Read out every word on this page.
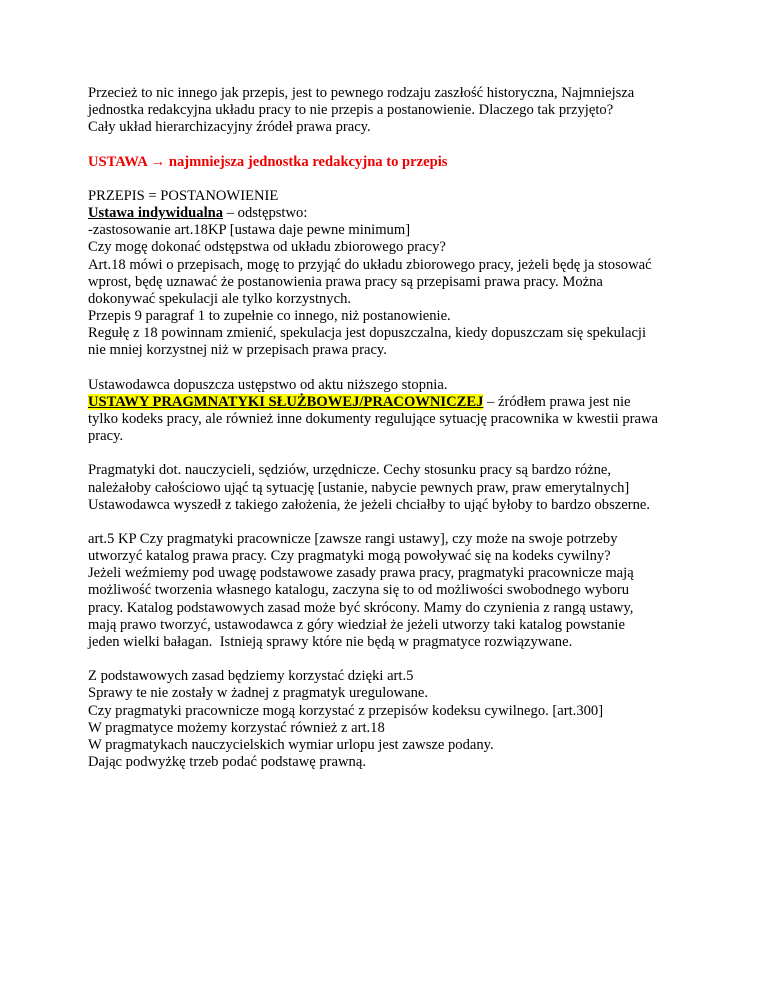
Przecież to nic innego jak przepis, jest to pewnego rodzaju zaszłość historyczna, Najmniejsza
jednostka redakcyjna układu pracy to nie przepis a postanowienie. Dlaczego tak przyjęto?
Cały układ hierarchizacyjny źródeł prawa pracy.
USTAWA → najmniejsza jednostka redakcyjna to przepis
PRZEPIS = POSTANOWIENIE
Ustawa indywidualna – odstępstwo:
-zastosowanie art.18KP [ustawa daje pewne minimum]
Czy mogę dokonać odstępstwa od układu zbiorowego pracy?
Art.18 mówi o przepisach, mogę to przyjąć do układu zbiorowego pracy, jeżeli będę ja stosować
wprost, będę uznawać że postanowienia prawa pracy są przepisami prawa pracy. Można
dokonywać spekulacji ale tylko korzystnych.
Przepis 9 paragraf 1 to zupełnie co innego, niż postanowienie.
Regułę z 18 powinnam zmienić, spekulacja jest dopuszczalna, kiedy dopuszczam się spekulacji
nie mniej korzystnej niż w przepisach prawa pracy.
Ustawodawca dopuszcza ustępstwo od aktu niższego stopnia.
USTAWY PRAGMNATYKI SŁUŻBOWEJ/PRACOWNICZEJ – źródłem prawa jest nie
tylko kodeks pracy, ale również inne dokumenty regulujące sytuację pracownika w kwestii prawa
pracy.
Pragmatyki dot. nauczycieli, sędziów, urzędnicze. Cechy stosunku pracy są bardzo różne,
należałoby całościowo ująć tą sytuację [ustanie, nabycie pewnych praw, praw emerytalnych]
Ustawodawca wyszedł z takiego założenia, że jeżeli chciałby to ująć byłoby to bardzo obszerne.
art.5 KP Czy pragmatyki pracownicze [zawsze rangi ustawy], czy może na swoje potrzeby
utworzyć katalog prawa pracy. Czy pragmatyki mogą powoływać się na kodeks cywilny?
Jeżeli weźmiemy pod uwagę podstawowe zasady prawa pracy, pragmatyki pracownicze mają
możliwość tworzenia własnego katalogu, zaczyna się to od możliwości swobodnego wyboru
pracy. Katalog podstawowych zasad może być skrócony. Mamy do czynienia z rangą ustawy,
mają prawo tworzyć, ustawodawca z góry wiedział że jeżeli utworzy taki katalog powstanie
jeden wielki bałagan.  Istnieją sprawy które nie będą w pragmatyce rozwiązywane.
Z podstawowych zasad będziemy korzystać dzięki art.5
Sprawy te nie zostały w żadnej z pragmatyk uregulowane.
Czy pragmatyki pracownicze mogą korzystać z przepisów kodeksu cywilnego. [art.300]
W pragmatyce możemy korzystać również z art.18
W pragmatykach nauczycielskich wymiar urlopu jest zawsze podany.
Dając podwyżkę trzeb podać podstawę prawną.
